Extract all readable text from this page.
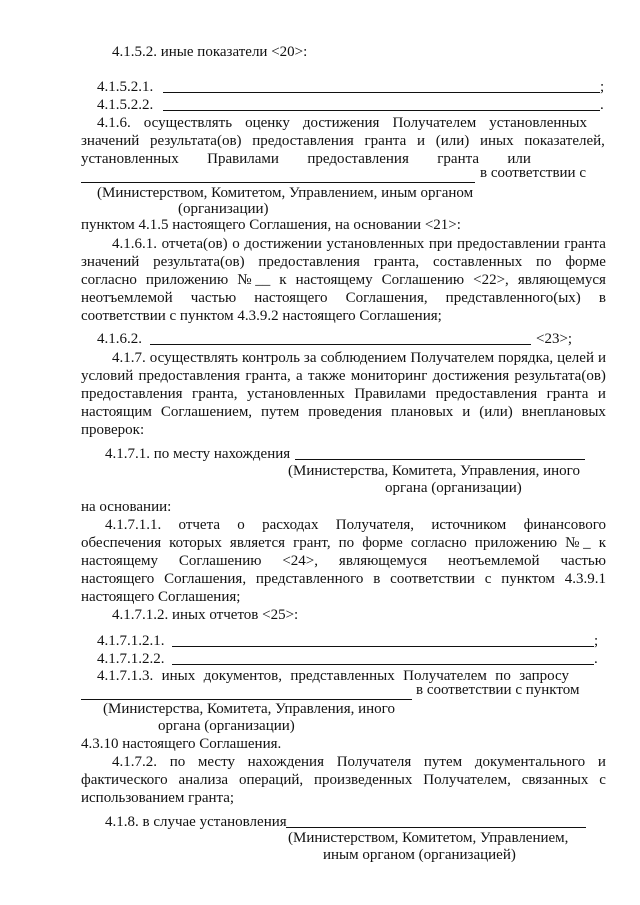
4.1.5.2. иные показатели <20>:
4.1.5.2.1.	;
4.1.5.2.2.	.
4.1.6. осуществлять оценку достижения Получателем установленных
значений результата(ов) предоставления гранта и (или) иных показателей,
установленных Правилами предоставления гранта или
в соответствии с
(Министерством, Комитетом, Управлением, иным органом
(организации)
пунктом 4.1.5 настоящего Соглашения, на основании <21>:
4.1.6.1. отчета(ов) о достижении установленных при предоставлении гранта
значений результата(ов) предоставления гранта, составленных по форме
согласно приложению № __ к настоящему Соглашению <22>, являющемуся
неотъемлемой частью настоящего Соглашения, представленного(ых) в
соответствии с пунктом 4.3.9.2 настоящего Соглашения;
4.1.6.2.	<23>;
4.1.7. осуществлять контроль за соблюдением Получателем порядка, целей и
условий предоставления гранта, а также мониторинг достижения результата(ов)
предоставления гранта, установленных Правилами предоставления гранта и
настоящим Соглашением, путем проведения плановых и (или) внеплановых
проверок:
4.1.7.1. по месту нахождения
(Министерства, Комитета, Управления, иного
органа (организации)
на основании:
4.1.7.1.1. отчета о расходах Получателя, источником финансового
обеспечения которых является грант, по форме согласно приложению № _ к
настоящему Соглашению <24>, являющемуся неотъемлемой частью
настоящего Соглашения, представленного в соответствии с пунктом 4.3.9.1
настоящего Соглашения;
4.1.7.1.2. иных отчетов <25>:
4.1.7.1.2.1.	;
4.1.7.1.2.2.	.
4.1.7.1.3. иных документов, представленных Получателем по запросу
в соответствии с пунктом
(Министерства, Комитета, Управления, иного
органа (организации)
4.3.10 настоящего Соглашения.
4.1.7.2. по месту нахождения Получателя путем документального и
фактического анализа операций, произведенных Получателем, связанных с
использованием гранта;
4.1.8. в случае установления
(Министерством, Комитетом, Управлением,
иным органом (организацией)
